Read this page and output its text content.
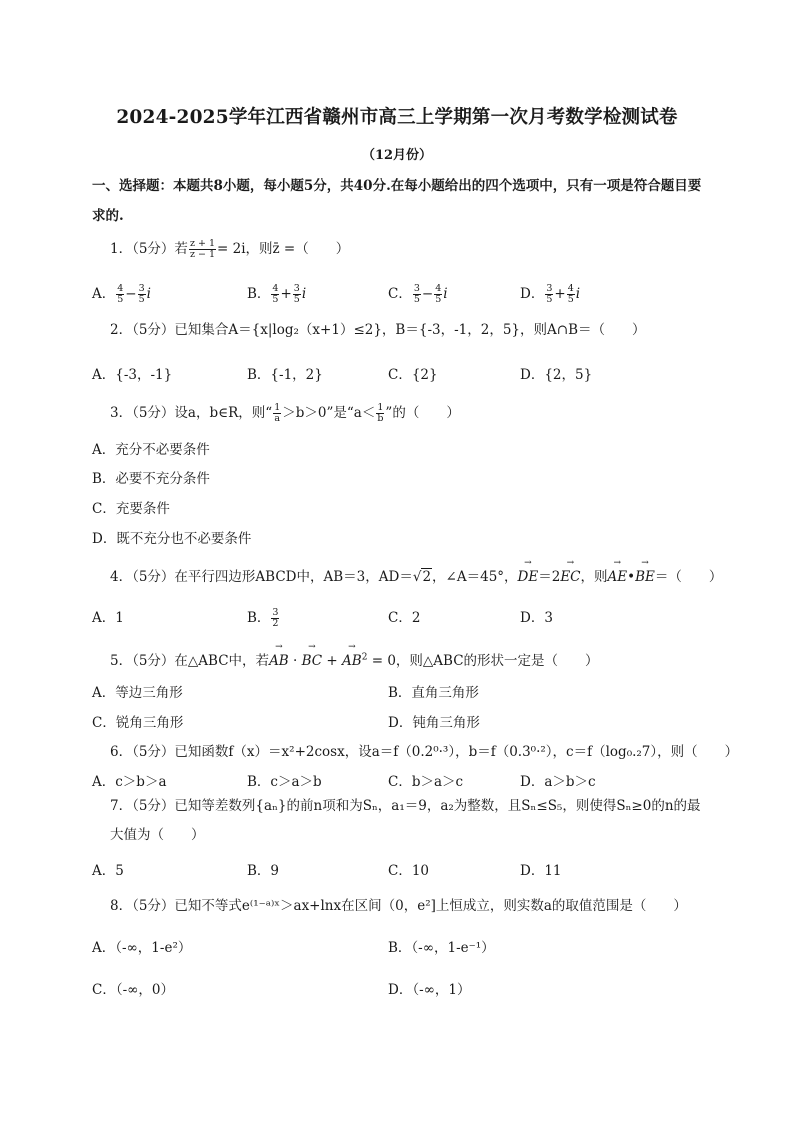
2024-2025学年江西省赣州市高三上学期第一次月考数学检测试卷
（12月份）
一、选择题：本题共8小题，每小题5分，共40分.在每小题给出的四个选项中，只有一项是符合题目要求的.
1．（5分）若 $\frac{z + 1}{z - 1} = 2i$，则z̄ =（　　）
A． $\frac{4}{5} - \frac{3}{5}$ i	B． $\frac{4}{5} + \frac{3}{5}$ i	C． $\frac{3}{5} - \frac{4}{5}$ i	D． $\frac{3}{5} + \frac{4}{5}$ i
2．（5分）已知集合A＝{x|log₂（x+1）≤2}，B＝{-3，-1，2，5}，则A∩B＝（　　）
A．{-3，-1}	B．{-1，2}	C．{2}	D．{2，5}
3．（5分）设a，b∈R，则“ $\frac{1}{a} >b>0$”是“$a< \frac{1}{b}$ ”的（　　）
A．充分不必要条件
B．必要不充分条件
C．充要条件
D．既不充分也不必要条件
4．（5分）在平行四边形ABCD中，AB＝3，AD＝√2，∠A＝45°，→ DE＝2→ EC，则→ AE•→ BE＝（　　）
A．1	B． $\frac{3}{2}$	C．2	D．3
5．（5分）在△ABC中，若→ AB · → BC + → $AB^2 = 0$，则△ABC的形状一定是（　　）
A．等边三角形	B．直角三角形
C．锐角三角形	D．钝角三角形
6．（5分）已知函数f（x）＝x²+2cosx，设a＝f（0.2⁰·³），b＝f（0.3⁰·²），c＝f（log₀.₂7），则（　　）
A．c＞b＞a	B．c＞a＞b	C．b＞a＞c	D．a＞b＞c
7．（5分）已知等差数列{aₙ}的前n项和为Sₙ，a₁＝9，a₂为整数，且Sₙ≤S₅，则使得Sₙ≥0的n的最大值为（　　）
A．5	B．9	C．10	D．11
8．（5分）已知不等式e⁽¹⁻ᵃ⁾ˣ＞ax+lnx在区间（0，e²]上恒成立，则实数a的取值范围是（　　）
A．（-∞，1-e²）	B．（-∞，1-e⁻¹）
C．（-∞，0）	D．（-∞，1）
